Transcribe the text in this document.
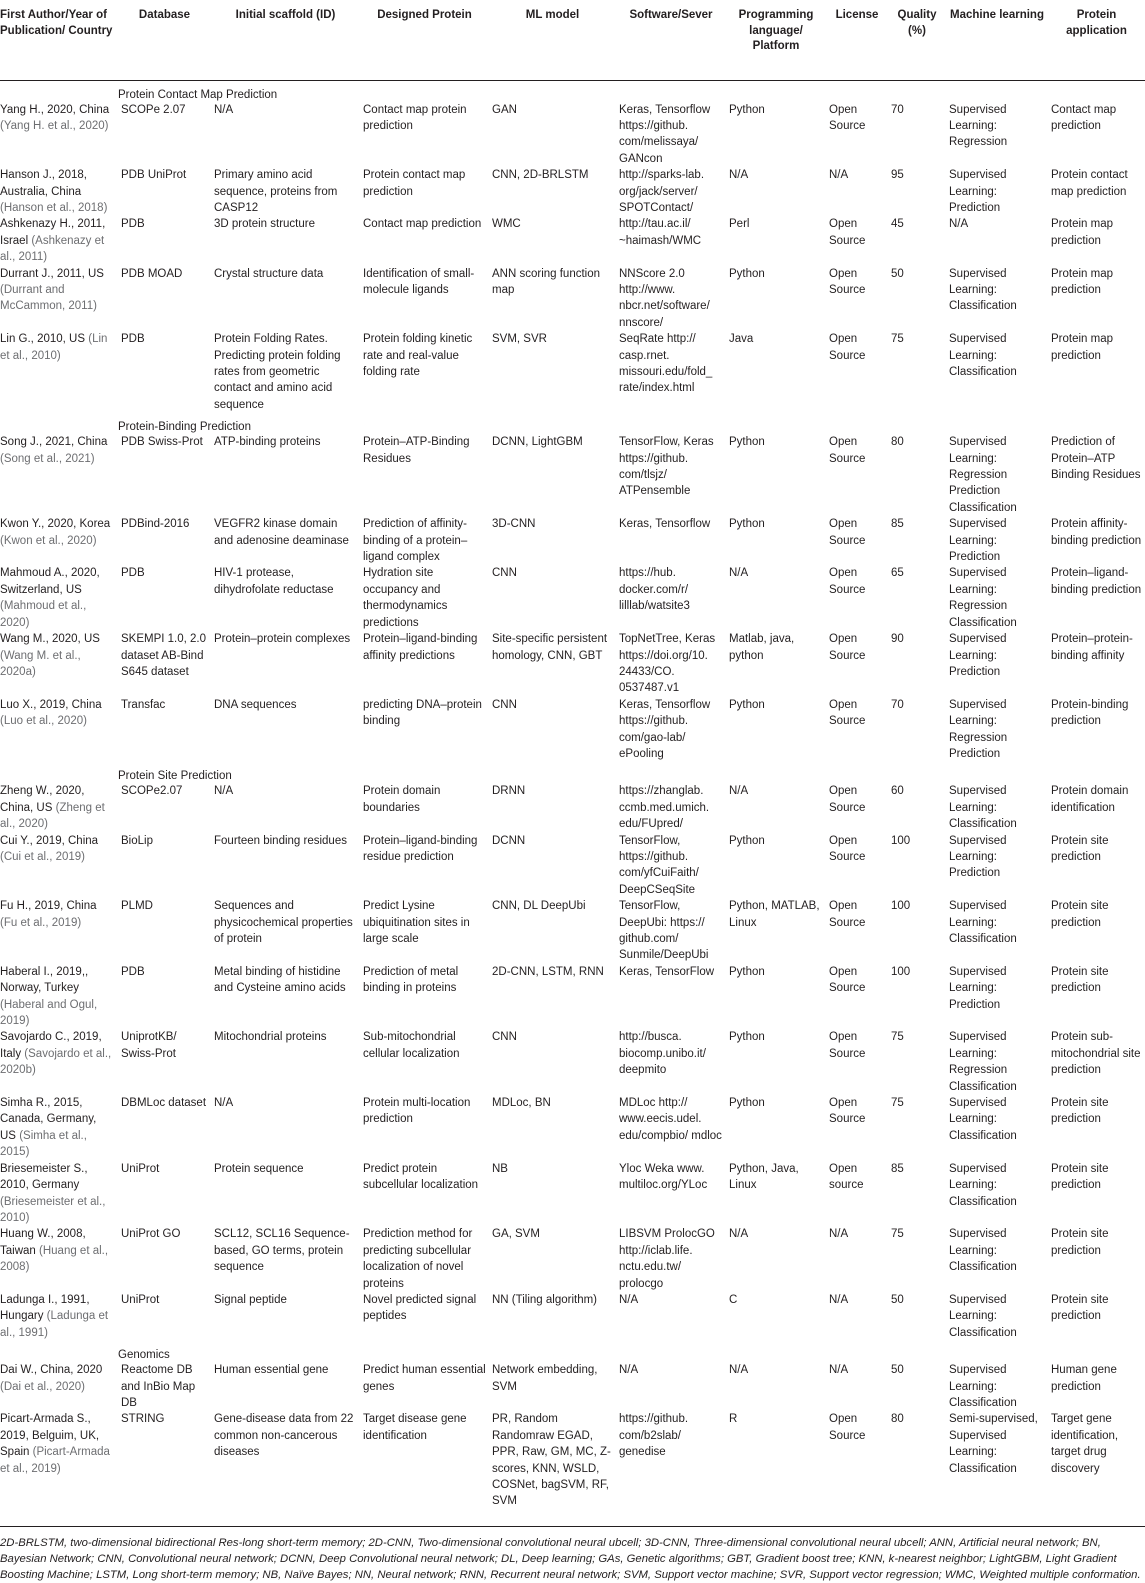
First Author/Year of Publication/ Country	Database	Initial scaffold (ID)	Designed Protein	ML model	Software/Sever	Programming language/ Platform	License	Quality (%)	Machine learning	Protein application
	Protein Contact Map Prediction									
Yang H., 2020, China (Yang H. et al., 2020)	SCOPe 2.07	N/A	Contact map protein prediction	GAN	Keras, Tensorflow https://github. com/melissaya/ GANcon	Python	Open Source	70	Supervised Learning: Regression	Contact map prediction
Hanson J., 2018, Australia, China (Hanson et al., 2018)	PDB UniProt	Primary amino acid sequence, proteins from CASP12	Protein contact map prediction	CNN, 2D-BRLSTM	http://sparks-lab. org/jack/server/ SPOTContact/	N/A	N/A	95	Supervised Learning: Prediction	Protein contact map prediction
Ashkenazy H., 2011, Israel (Ashkenazy et al., 2011)	PDB	3D protein structure	Contact map prediction	WMC	http://tau.ac.il/ ~haimash/WMC	Perl	Open Source	45	N/A	Protein map prediction
Durrant J., 2011, US (Durrant and McCammon, 2011)	PDB MOAD	Crystal structure data	Identification of small-molecule ligands	ANN scoring function map	NNScore 2.0 http://www. nbcr.net/software/ nnscore/	Python	Open Source	50	Supervised Learning: Classification	Protein map prediction
Lin G., 2010, US (Lin et al., 2010)	PDB	Protein Folding Rates. Predicting protein folding rates from geometric contact and amino acid sequence	Protein folding kinetic rate and real-value folding rate	SVM, SVR	SeqRate http:// casp.rnet. missouri.edu/fold_ rate/index.html	Java	Open Source	75	Supervised Learning: Classification	Protein map prediction
	Protein-Binding Prediction									
Song J., 2021, China (Song et al., 2021)	PDB Swiss-Prot	ATP-binding proteins	Protein–ATP-Binding Residues	DCNN, LightGBM	TensorFlow, Keras https://github. com/tlsjz/ ATPensemble	Python	Open Source	80	Supervised Learning: Regression Prediction Classification	Prediction of Protein–ATP Binding Residues
Kwon Y., 2020, Korea (Kwon et al., 2020)	PDBind-2016	VEGFR2 kinase domain and adenosine deaminase	Prediction of affinity-binding of a protein–ligand complex	3D-CNN	Keras, Tensorflow	Python	Open Source	85	Supervised Learning: Prediction	Protein affinity-binding prediction
Mahmoud A., 2020, Switzerland, US (Mahmoud et al., 2020)	PDB	HIV-1 protease, dihydrofolate reductase	Hydration site occupancy and thermodynamics predictions	CNN	https://hub. docker.com/r/ lilllab/watsite3	N/A	Open Source	65	Supervised Learning: Regression Classification	Protein–ligand-binding prediction
Wang M., 2020, US (Wang M. et al., 2020a)	SKEMPI 1.0, 2.0 dataset AB-Bind S645 dataset	Protein–protein complexes	Protein–ligand-binding affinity predictions	Site-specific persistent homology, CNN, GBT	TopNetTree, Keras https://doi.org/10. 24433/CO. 0537487.v1	Matlab, java, python	Open Source	90	Supervised Learning: Prediction	Protein–protein-binding affinity
Luo X., 2019, China (Luo et al., 2020)	Transfac	DNA sequences	predicting DNA–protein binding	CNN	Keras, Tensorflow https://github. com/gao-lab/ ePooling	Python	Open Source	70	Supervised Learning: Regression Prediction	Protein-binding prediction
	Protein Site Prediction									
Zheng W., 2020, China, US (Zheng et al., 2020)	SCOPe2.07	N/A	Protein domain boundaries	DRNN	https://zhanglab. ccmb.med.umich. edu/FUpred/	N/A	Open Source	60	Supervised Learning: Classification	Protein domain identification
Cui Y., 2019, China (Cui et al., 2019)	BioLip	Fourteen binding residues	Protein–ligand-binding residue prediction	DCNN	TensorFlow, https://github. com/yfCuiFaith/ DeepCSeqSite	Python	Open Source	100	Supervised Learning: Prediction	Protein site prediction
Fu H., 2019, China (Fu et al., 2019)	PLMD	Sequences and physicochemical properties of protein	Predict Lysine ubiquitination sites in large scale	CNN, DL DeepUbi	TensorFlow, DeepUbi: https:// github.com/ Sunmile/DeepUbi	Python, MATLAB, Linux	Open Source	100	Supervised Learning: Classification	Protein site prediction
Haberal I., 2019,, Norway, Turkey (Haberal and Ogul, 2019)	PDB	Metal binding of histidine and Cysteine amino acids	Prediction of metal binding in proteins	2D-CNN, LSTM, RNN	Keras, TensorFlow	Python	Open Source	100	Supervised Learning: Prediction	Protein site prediction
Savojardo C., 2019, Italy (Savojardo et al., 2020b)	UniprotKB/ Swiss-Prot	Mitochondrial proteins	Sub-mitochondrial cellular localization	CNN	http://busca. biocomp.unibo.it/ deepmito	Python	Open Source	75	Supervised Learning: Regression Classification	Protein sub-mitochondrial site prediction
Simha R., 2015, Canada, Germany, US (Simha et al., 2015)	DBMLoc dataset	N/A	Protein multi-location prediction	MDLoc, BN	MDLoc http:// www.eecis.udel. edu/compbio/ mdloc	Python	Open Source	75	Supervised Learning: Classification	Protein site prediction
Briesemeister S., 2010, Germany (Briesemeister et al., 2010)	UniProt	Protein sequence	Predict protein subcellular localization	NB	Yloc Weka www. multiloc.org/YLoc	Python, Java, Linux	Open source	85	Supervised Learning: Classification	Protein site prediction
Huang W., 2008, Taiwan (Huang et al., 2008)	UniProt GO	SCL12, SCL16 Sequence-based, GO terms, protein sequence	Prediction method for predicting subcellular localization of novel proteins	GA, SVM	LIBSVM ProlocGO http://iclab.life. nctu.edu.tw/ prolocgo	N/A	N/A	75	Supervised Learning: Classification	Protein site prediction
Ladunga I., 1991, Hungary (Ladunga et al., 1991)	UniProt	Signal peptide	Novel predicted signal peptides	NN (Tiling algorithm)	N/A	C	N/A	50	Supervised Learning: Classification	Protein site prediction
	Genomics									
Dai W., China, 2020 (Dai et al., 2020)	Reactome DB and InBio Map DB	Human essential gene	Predict human essential genes	Network embedding, SVM	N/A	N/A	N/A	50	Supervised Learning: Classification	Human gene prediction
Picart-Armada S., 2019, Belguim, UK, Spain (Picart-Armada et al., 2019)	STRING	Gene-disease data from 22 common non-cancerous diseases	Target disease gene identification	PR, Random Randomraw EGAD, PPR, Raw, GM, MC, Z-scores, KNN, WSLD, COSNet, bagSVM, RF, SVM	https://github. com/b2slab/ genedise	R	Open Source	80	Semi-supervised, Supervised Learning: Classification	Target gene identification, target drug discovery
2D-BRLSTM, two-dimensional bidirectional Res-long short-term memory; 2D-CNN, Two-dimensional convolutional neural ubcell; 3D-CNN, Three-dimensional convolutional neural ubcell; ANN, Artificial neural network; BN, Bayesian Network; CNN, Convolutional neural network; DCNN, Deep Convolutional neural network; DL, Deep learning; GAs, Genetic algorithms; GBT, Gradient boost tree; KNN, k-nearest neighbor; LightGBM, Light Gradient Boosting Machine; LSTM, Long short-term memory; NB, Naïve Bayes; NN, Neural network; RNN, Recurrent neural network; SVM, Support vector machine; SVR, Support vector regression; WMC, Weighted multiple conformation.
